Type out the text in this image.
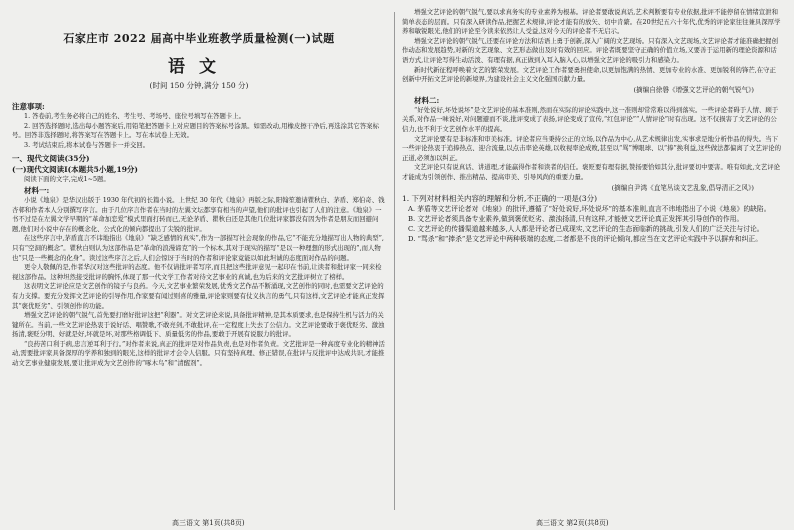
石家庄市 2022 届高中毕业班教学质量检测(一)试题

语文

(时间 150 分钟,满分 150 分)

注意事项:

1. 答卷前,考生务必将自己的姓名、考生号、考场号、座位号填写在答题卡上。

2. 回答选择题时,选出每小题答案后,用铅笔把答题卡上对应题目的答案标号涂黑。如需改动,用橡皮擦干净后,再选涂其它答案标号。回答非选择题时,将答案写在答题卡上。写在本试卷上无效。

3. 考试结束后,将本试卷与答题卡一并交回。

一、现代文阅读(35分)

(一)现代文阅读Ⅰ(本题共5小题,19分)

阅读下面的文字,完成1~5题。

材料一:

小说《地泉》是华汉出版于 1930 年代初的长篇小说。上世纪 30 年代《地泉》再版之际,阳翰笙邀请瞿秋白、茅盾、郑伯奇、钱杏邨和作者本人分别撰写序言。由于几位序言作者在当时的左翼文坛都享有相当的声望,他们的批评也引起了人们的注意。《地泉》一书不过是在左翼文学早期的“革命加恋爱”模式里面打转而已,无论茅盾、瞿秋白还是其他几位批评家都没有因为作者是朋友而回避问题,他们对小说中存在的概念化、公式化的倾向都提出了尖锐的批评。

在这些序言中,茅盾直言不讳地指出《地泉》“缺乏感情的真实”,作为一部描写社会现象的作品,它“不能充分地描写出人物的典型”,只有“空洞的概念”。瞿秋白则认为这部作品是“革命的浪漫谛克”的一个标本,其对于现实的描写“是以一种理想的形式出现的”,而人物也“只是一些概念的化身”。读过这些序言之后,人们会惊讶于当时的作者和评论家竟能以如此坦诚的态度面对作品的问题。

更令人敬佩的是,作者华汉对这些批评的态度。他不仅请批评者写序,而且把这些批评意见一起印在书前,让读者和批评家一同来检视这部作品。这种坦然接受批评的胸怀,体现了那一代文学工作者对待文艺事业的真诚,也为后来的文艺批评树立了榜样。

这表明文艺评论应是文艺创作的镜子与良药。今天,文艺事业繁荣发展,优秀文艺作品不断涌现,文艺创作的同时,也需要文艺评论的有力支撑。要充分发挥文艺评论的引导作用,作家要有闻过则喜的雅量,评论家则要有仗义执言的勇气,只有这样,文艺评论才能真正发挥其“褒优贬劣”、引领创作的功能。

增强文艺评论的朝气锐气,首先要打磨好批评这把“利器”。对文艺评论来说,具备批评精神,是其本质要求,也是保持生机与活力的关键所在。当前,一些文艺评论热衷于说好话、唱赞歌,不敢亮剑,不敢批评,在一定程度上失去了公信力。文艺评论要敢于褒优贬劣、激浊扬清,褒贬分明、好就是好,坏就是坏,对那些格调低下、质量低劣的作品,要敢于开展有说服力的批评。

“良药苦口利于病,忠言逆耳利于行。”对作者来说,真正的批评是对作品负责,也是对作者负责。文艺批评是一种高度专业化的精神活动,需要批评家具备深厚的学养和独到的眼光,这样的批评才会令人信服。只有坚持真理、修正错误,在批评与反批评中达成共识,才能推动文艺事业健康发展,要让批评成为文艺创作的“啄木鸟”和“清醒剂”。

增强文艺评论的朝气锐气,要以求真务实的专业素养为根基。评论者要敢说真话,艺术判断要有专业依据,批评不能停留在情绪宣泄和简单表态的层面。只有深入研读作品,把握艺术规律,评论才能有的放矢、切中肯綮。在20世纪五六十年代,优秀的评论家往往兼具深厚学养和敏锐眼光,他们的评论至今读来依然让人受益,这对今天的评论者不无启示。

增强文艺评论的朝气锐气,还要在评论方法和话语上勇于创新,深入广阔的文艺现场。只有深入文艺现场,文艺评论者才能准确把握创作动态和发展趋势,对新的文艺现象、文艺形态做出及时有效的回应。评论者既要坚守正确的价值立场,又要善于运用新的理论资源和话语方式,让评论写得生动活泼、有理有据,真正做到入耳入脑入心,以增强文艺评论的吸引力和感染力。

新时代新征程呼唤着文艺的繁荣发展。文艺评论工作者要勇担使命,以更加饱满的热情、更加专业的水准、更加锐利的锋芒,在守正创新中开拓文艺评论的新境界,为建设社会主义文化强国贡献力量。

(摘编自徐磐《增强文艺评论的朝气锐气》)

材料二:

“好处说好,坏处说坏”是文艺评论的基本准则,然而在实际的评论实践中,这一准则却常常难以得到落实。一些评论者碍于人情、顾于关系,对作品一味说好,对问题避而不谈,批评变成了表扬,评论变成了宣传,“红包评论”“人情评论”时有出现。这不仅损害了文艺评论的公信力,也不利于文艺创作水平的提高。

文艺评论要有是非标准和审美标准。评论者应当秉持公正的立场,以作品为中心,从艺术规律出发,实事求是地分析作品的得失。当下一些评论热衷于追捧热点、迎合流量,以点击率论英雄,以收视率论成败,甚至以“骂”博眼球、以“捧”换利益,这些做法都偏离了文艺评论的正道,必须加以纠正。

文艺评论只有说真话、讲道理,才能赢得作者和读者的信任。褒贬要有理有据,赞扬要恰如其分,批评要切中要害。唯有如此,文艺评论才能成为引领创作、推出精品、提高审美、引导风尚的重要力量。

(摘编自尹鸿《直笔丛谈文艺乱象,倡导清正之风》)

1. 下列对材料相关内容的理解和分析,不正确的一项是(3分)

A. 茅盾等文艺评论者对《地泉》的批评,遵循了“好处说好,坏处说坏”的基本准则,直言不讳地指出了小说《地泉》的缺陷。

B. 文艺评论者须具备专业素养,做到褒优贬劣、激浊扬清,只有这样,才能使文艺评论真正发挥其引导创作的作用。

C. 文艺评论的传播渠道越来越多,人人都是评论者已成现实,文艺评论的生态面临新的挑战,引发人们的广泛关注与讨论。

D. “骂杀”和“捧杀”是文艺评论中两种极端的态度,二者都是不良的评论倾向,都应当在文艺评论实践中予以摒弃和纠正。

高三语文 第1页(共8页)	高三语文 第2页(共8页)
